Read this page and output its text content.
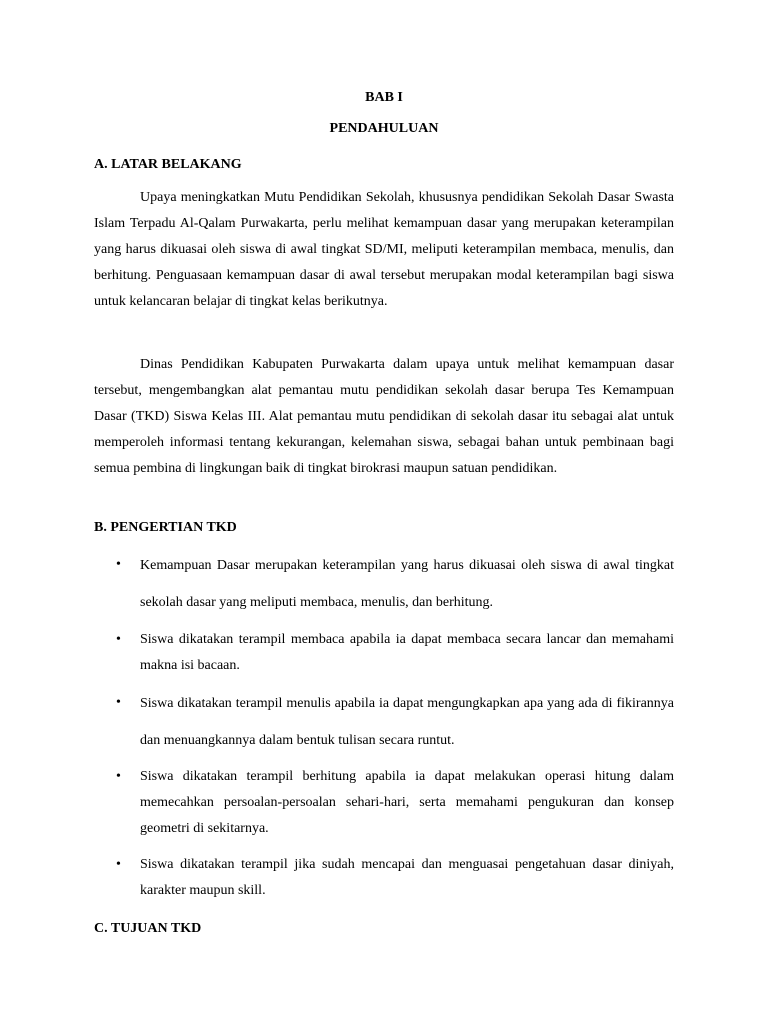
BAB I
PENDAHULUAN
A. LATAR BELAKANG

Upaya meningkatkan Mutu Pendidikan Sekolah, khususnya pendidikan Sekolah Dasar Swasta Islam Terpadu Al-Qalam Purwakarta, perlu melihat kemampuan dasar yang merupakan keterampilan yang harus dikuasai oleh siswa di awal tingkat SD/MI, meliputi keterampilan membaca, menulis, dan berhitung. Penguasaan kemampuan dasar di awal tersebut merupakan modal keterampilan bagi siswa untuk kelancaran belajar di tingkat kelas berikutnya.

Dinas Pendidikan Kabupaten Purwakarta dalam upaya untuk melihat kemampuan dasar tersebut, mengembangkan alat pemantau mutu pendidikan sekolah dasar berupa Tes Kemampuan Dasar (TKD) Siswa Kelas III. Alat pemantau mutu pendidikan di sekolah dasar itu sebagai alat untuk memperoleh informasi tentang kekurangan, kelemahan siswa, sebagai bahan untuk pembinaan bagi semua pembina di lingkungan baik di tingkat birokrasi maupun satuan pendidikan.

B. PENGERTIAN TKD
•	Kemampuan Dasar merupakan keterampilan yang harus dikuasai oleh siswa di awal tingkat sekolah dasar yang meliputi membaca, menulis, dan berhitung.

•	Siswa dikatakan terampil membaca apabila ia dapat membaca secara lancar dan memahami makna isi bacaan.

•	Siswa dikatakan terampil menulis apabila ia dapat mengungkapkan apa yang ada di fikirannya dan menuangkannya dalam bentuk tulisan secara runtut.

•	Siswa dikatakan terampil berhitung apabila ia dapat melakukan operasi hitung dalam memecahkan persoalan-persoalan sehari-hari, serta memahami pengukuran dan konsep geometri di sekitarnya.

•	Siswa dikatakan terampil jika sudah mencapai dan menguasai pengetahuan dasar diniyah, karakter maupun skill.

C. TUJUAN TKD
